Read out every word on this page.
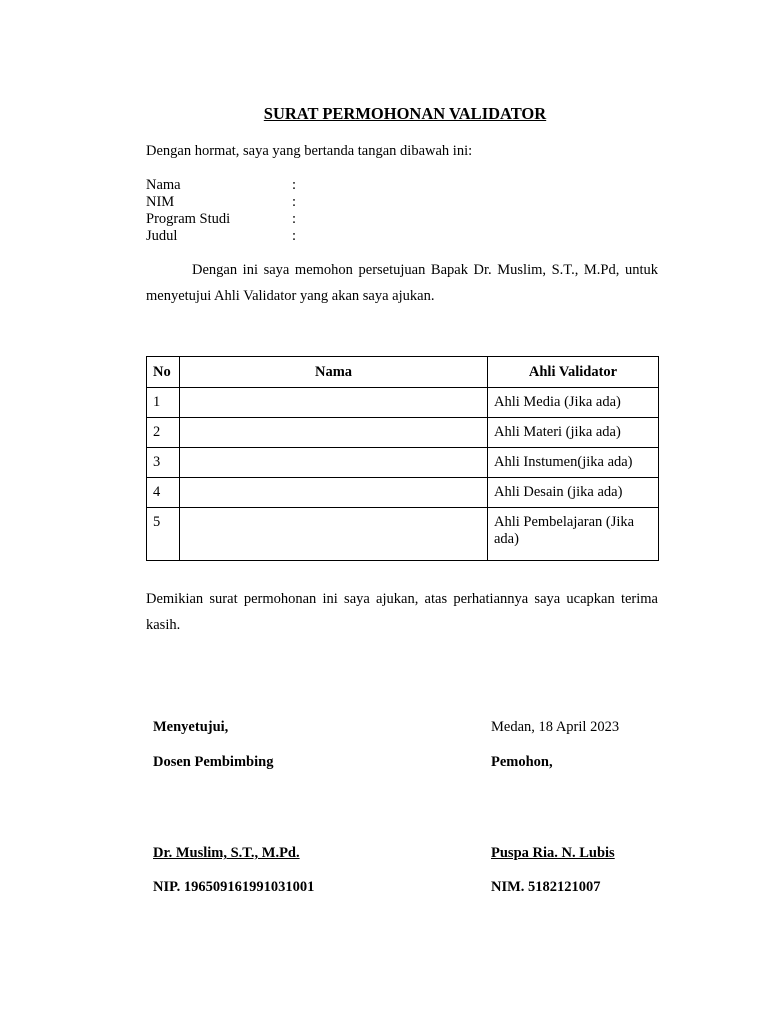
SURAT PERMOHONAN VALIDATOR
Dengan hormat, saya yang bertanda tangan dibawah ini:
Nama	:
NIM	:
Program Studi	:
Judul	:
Dengan ini saya memohon persetujuan Bapak Dr. Muslim, S.T., M.Pd, untuk menyetujui Ahli Validator yang akan saya ajukan.
No	Nama	Ahli Validator
1		Ahli Media (Jika ada)
2		Ahli Materi (jika ada)
3		Ahli Instumen(jika ada)
4		Ahli Desain (jika ada)
5		Ahli Pembelajaran (Jika ada)
Demikian surat permohonan ini saya ajukan, atas perhatiannya saya ucapkan terima kasih.
Menyetujui,
Dosen Pembimbing
Dr. Muslim, S.T., M.Pd.
NIP. 196509161991031001
Medan, 18 April 2023
Pemohon,
Puspa Ria. N. Lubis
NIM. 5182121007
